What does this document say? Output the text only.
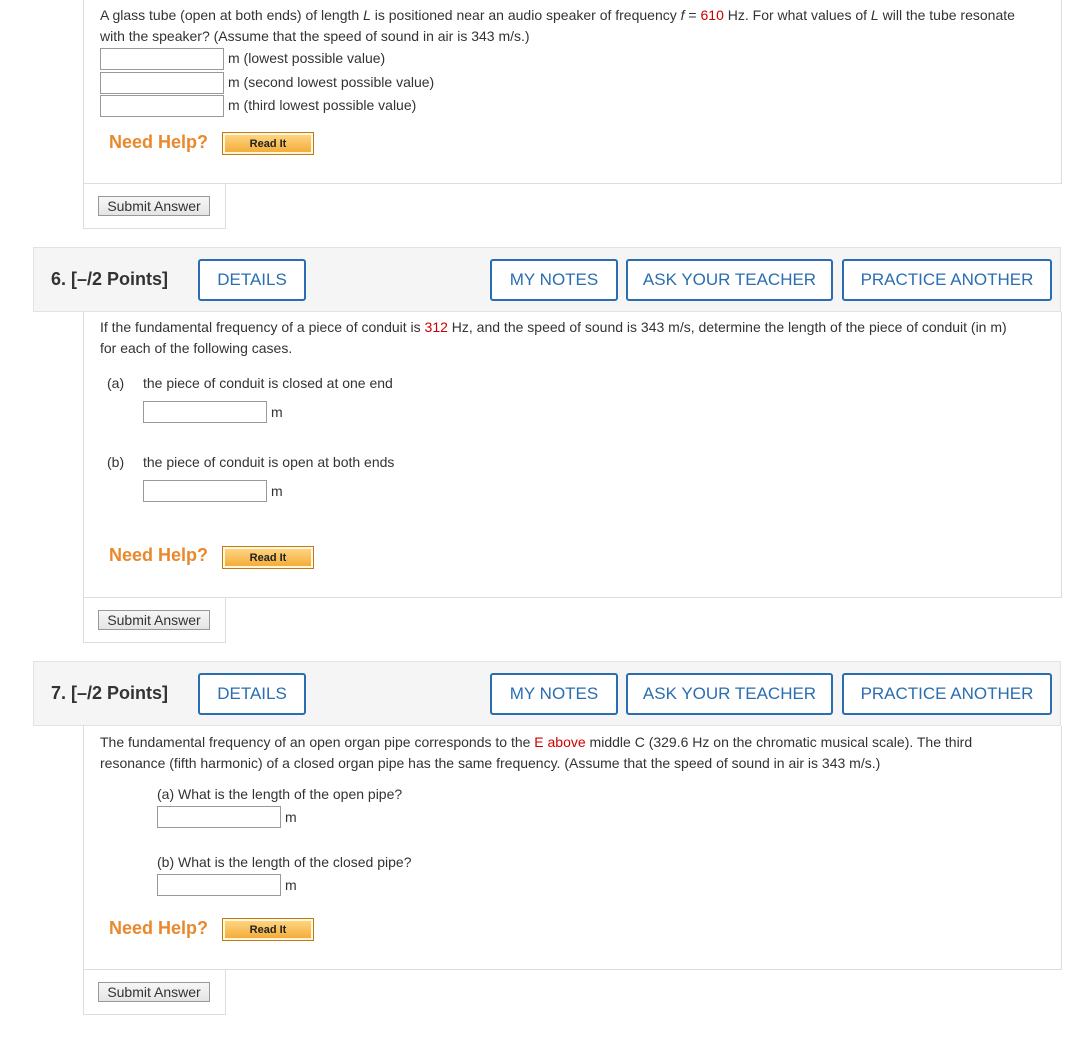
A glass tube (open at both ends) of length L is positioned near an audio speaker of frequency f = 610 Hz. For what values of L will the tube resonate
with the speaker? (Assume that the speed of sound in air is 343 m/s.)
m (lowest possible value)
m (second lowest possible value)
m (third lowest possible value)
Need Help?	Read It
Submit Answer
6. [–/2 Points]	DETAILS	MY NOTES	ASK YOUR TEACHER	PRACTICE ANOTHER
If the fundamental frequency of a piece of conduit is 312 Hz, and the speed of sound is 343 m/s, determine the length of the piece of conduit (in m)
for each of the following cases.
(a) the piece of conduit is closed at one end
m
(b) the piece of conduit is open at both ends
m
Need Help?	Read It
Submit Answer
7. [–/2 Points]	DETAILS	MY NOTES	ASK YOUR TEACHER	PRACTICE ANOTHER
The fundamental frequency of an open organ pipe corresponds to the E above middle C (329.6 Hz on the chromatic musical scale). The third
resonance (fifth harmonic) of a closed organ pipe has the same frequency. (Assume that the speed of sound in air is 343 m/s.)
(a) What is the length of the open pipe?
m
(b) What is the length of the closed pipe?
m
Need Help?	Read It
Submit Answer
